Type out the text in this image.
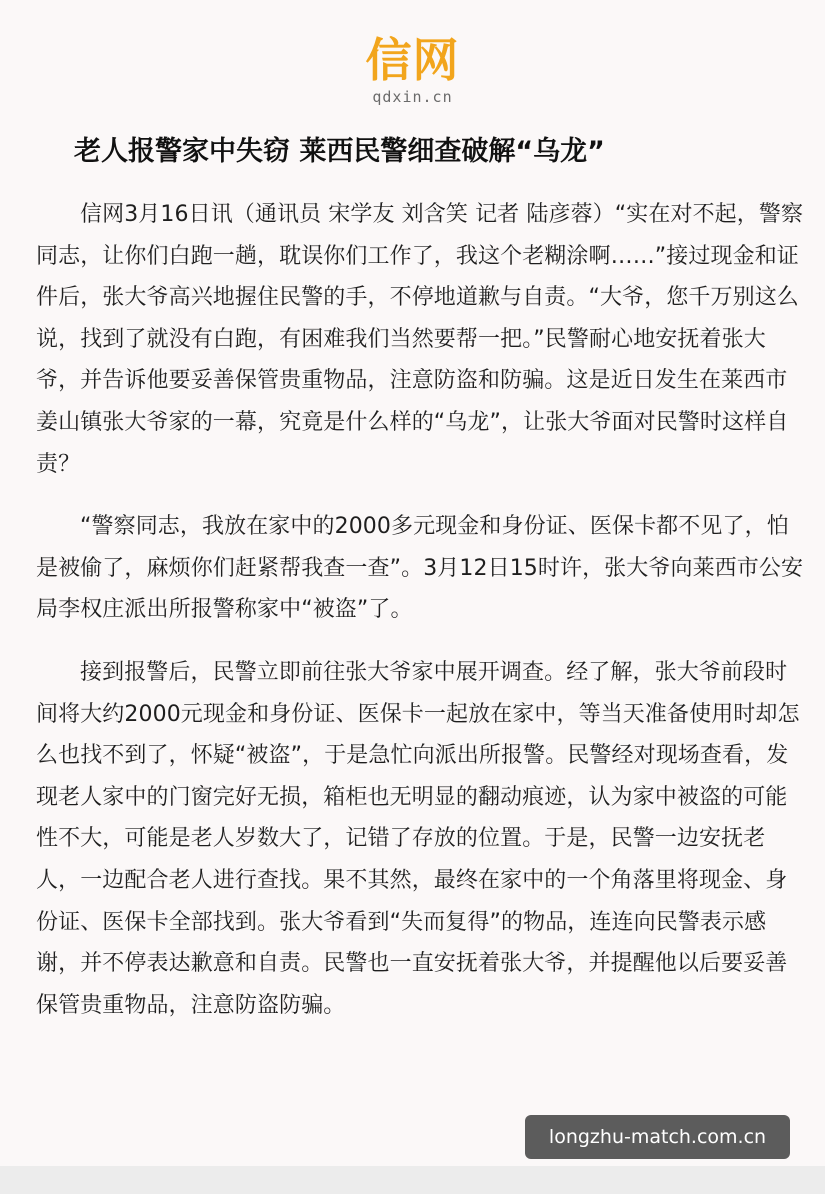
信网
qdxin.cn
老人报警家中失窃 莱西民警细查破解“乌龙”

信网3月16日讯（通讯员 宋学友 刘含笑 记者 陆彦蓉）“实在对不起，警察同志，让你们白跑一趟，耽误你们工作了，我这个老糊涂啊……”接过现金和证件后，张大爷高兴地握住民警的手，不停地道歉与自责。“大爷，您千万别这么说，找到了就没有白跑，有困难我们当然要帮一把。”民警耐心地安抚着张大爷，并告诉他要妥善保管贵重物品，注意防盗和防骗。这是近日发生在莱西市姜山镇张大爷家的一幕，究竟是什么样的“乌龙”，让张大爷面对民警时这样自责？

“警察同志，我放在家中的2000多元现金和身份证、医保卡都不见了，怕是被偷了，麻烦你们赶紧帮我查一查”。3月12日15时许，张大爷向莱西市公安局李权庄派出所报警称家中“被盗”了。

接到报警后，民警立即前往张大爷家中展开调查。经了解，张大爷前段时间将大约2000元现金和身份证、医保卡一起放在家中，等当天准备使用时却怎么也找不到了，怀疑“被盗”，于是急忙向派出所报警。民警经对现场查看，发现老人家中的门窗完好无损，箱柜也无明显的翻动痕迹，认为家中被盗的可能性不大，可能是老人岁数大了，记错了存放的位置。于是，民警一边安抚老人，一边配合老人进行查找。果不其然，最终在家中的一个角落里将现金、身份证、医保卡全部找到。张大爷看到“失而复得”的物品，连连向民警表示感谢，并不停表达歉意和自责。民警也一直安抚着张大爷，并提醒他以后要妥善保管贵重物品，注意防盗防骗。

longzhu-match.com.cn
